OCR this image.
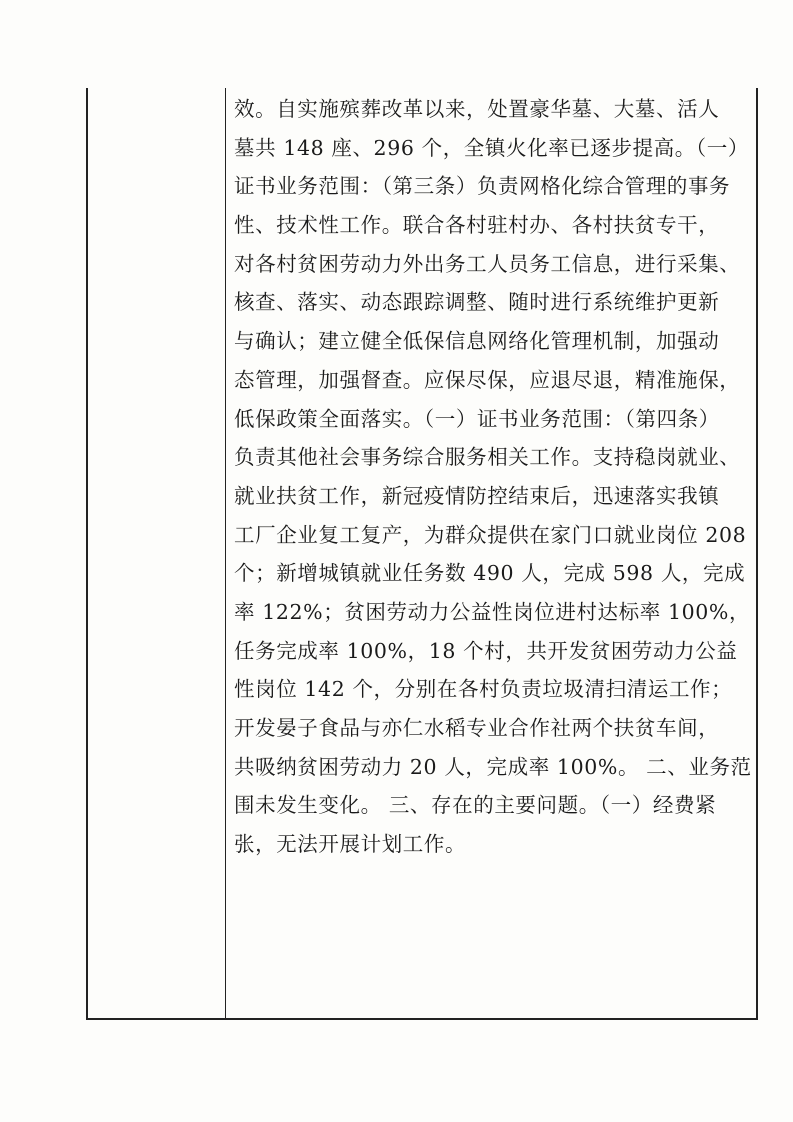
效。自实施殡葬改革以来，处置豪华墓、大墓、活人
墓共 148 座、296 个，全镇火化率已逐步提高。（一）
证书业务范围：（第三条）负责网格化综合管理的事务
性、技术性工作。联合各村驻村办、各村扶贫专干，
对各村贫困劳动力外出务工人员务工信息，进行采集、
核查、落实、动态跟踪调整、随时进行系统维护更新
与确认；建立健全低保信息网络化管理机制，加强动
态管理，加强督查。应保尽保，应退尽退，精准施保，
低保政策全面落实。（一）证书业务范围：（第四条）
负责其他社会事务综合服务相关工作。支持稳岗就业、
就业扶贫工作，新冠疫情防控结束后，迅速落实我镇
工厂企业复工复产，为群众提供在家门口就业岗位 208
个；新增城镇就业任务数 490 人，完成 598 人，完成
率 122%；贫困劳动力公益性岗位进村达标率 100%，
任务完成率 100%，18 个村，共开发贫困劳动力公益
性岗位 142 个，分别在各村负责垃圾清扫清运工作；
开发晏子食品与亦仁水稻专业合作社两个扶贫车间，
共吸纳贫困劳动力 20 人，完成率 100%。 二、业务范
围未发生变化。 三、存在的主要问题。（一）经费紧
张，无法开展计划工作。
